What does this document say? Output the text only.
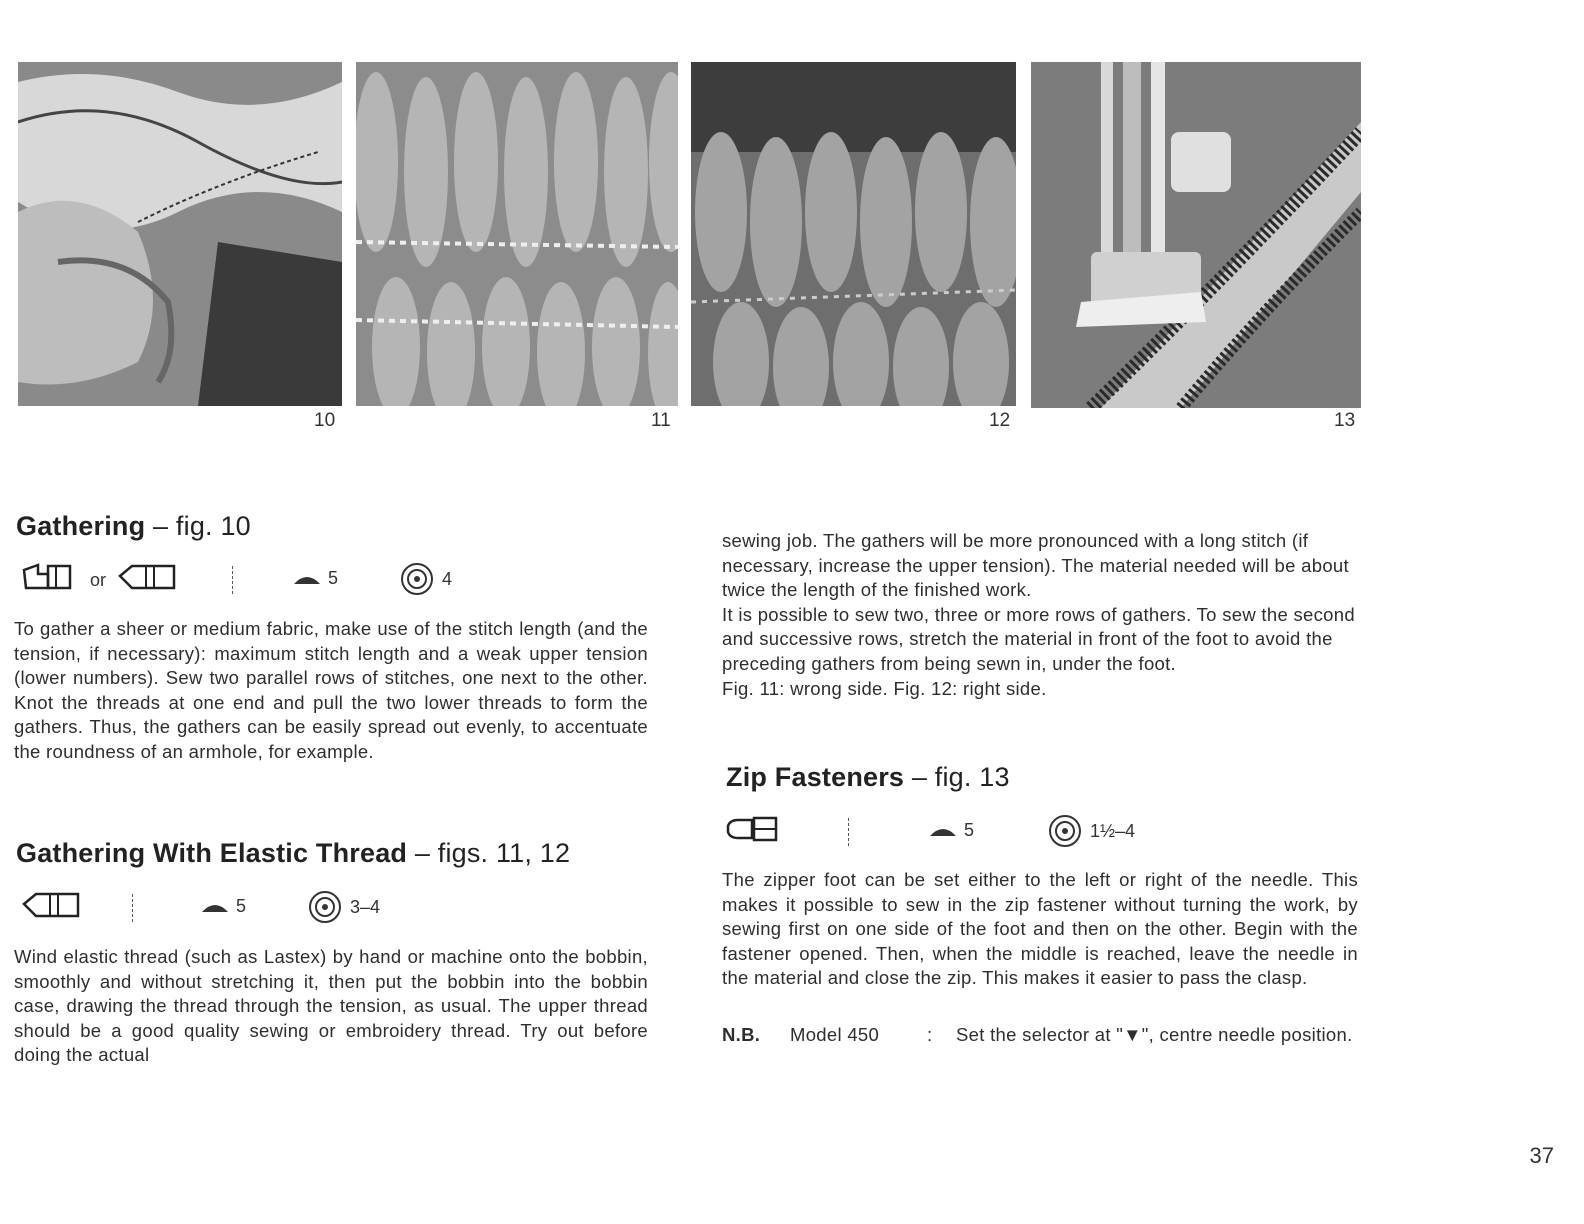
10	11	12	13
Gathering – fig. 10
or	5	4

To gather a sheer or medium fabric, make use of the stitch length (and the tension, if necessary): maximum stitch length and a weak upper tension (lower numbers). Sew two parallel rows of stitches, one next to the other. Knot the threads at one end and pull the two lower threads to form the gathers. Thus, the gathers can be easily spread out evenly, to accentuate the roundness of an armhole, for example.

Gathering With Elastic Thread – figs. 11, 12
5	3–4

Wind elastic thread (such as Lastex) by hand or machine onto the bobbin, smoothly and without stretching it, then put the bobbin into the bobbin case, drawing the thread through the tension, as usual. The upper thread should be a good quality sewing or embroidery thread. Try out before doing the actual

sewing job. The gathers will be more pronounced with a long stitch (if necessary, increase the upper tension). The material needed will be about twice the length of the finished work.

It is possible to sew two, three or more rows of gathers. To sew the second and successive rows, stretch the material in front of the foot to avoid the preceding gathers from being sewn in, under the foot.

Fig. 11: wrong side. Fig. 12: right side.

Zip Fasteners – fig. 13
5	1½–4

The zipper foot can be set either to the left or right of the needle. This makes it possible to sew in the zip fastener without turning the work, by sewing first on one side of the foot and then on the other. Begin with the fastener opened. Then, when the middle is reached, leave the needle in the material and close the zip. This makes it easier to pass the clasp.

N.B. Model 450	:	Set the selector at "▼", centre needle position.
37
